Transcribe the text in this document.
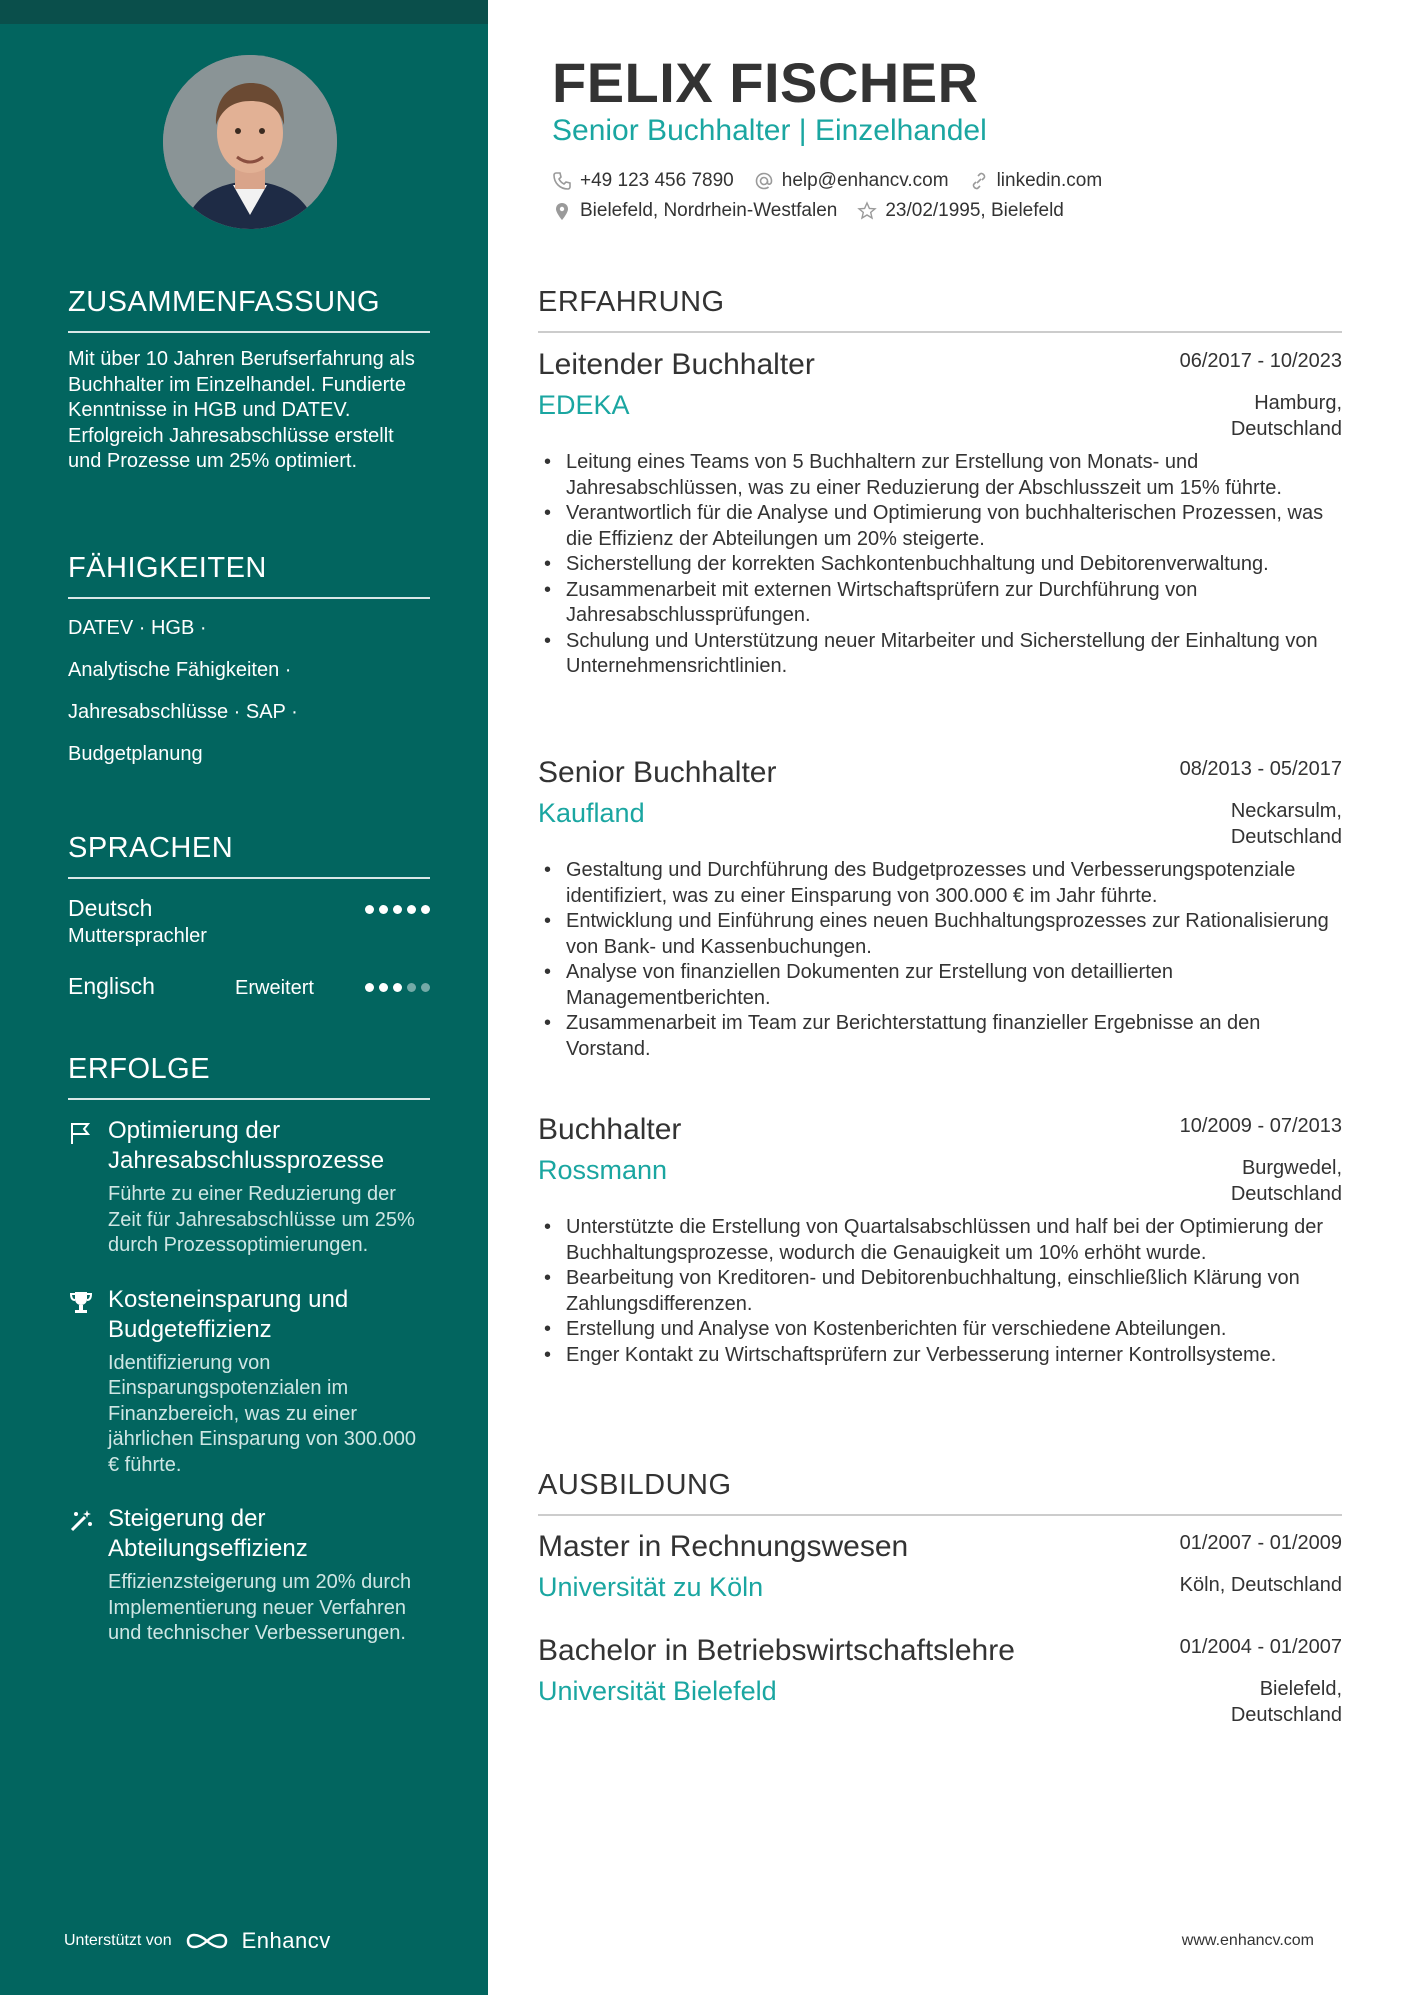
ZUSAMMENFASSUNG
Mit über 10 Jahren Berufserfahrung als Buchhalter im Einzelhandel. Fundierte Kenntnisse in HGB und DATEV. Erfolgreich Jahresabschlüsse erstellt und Prozesse um 25% optimiert.
FÄHIGKEITEN
DATEV · HGB ·
Analytische Fähigkeiten ·
Jahresabschlüsse · SAP ·
Budgetplanung
SPRACHEN
Deutsch
Muttersprachler
Englisch	Erweitert
ERFOLGE
Optimierung der Jahresabschlussprozesse
Führte zu einer Reduzierung der Zeit für Jahresabschlüsse um 25% durch Prozessoptimierungen.
Kosteneinsparung und Budgeteffizienz
Identifizierung von Einsparungspotenzialen im Finanzbereich, was zu einer jährlichen Einsparung von 300.000 € führte.
Steigerung der Abteilungseffizienz
Effizienzsteigerung um 20% durch Implementierung neuer Verfahren und technischer Verbesserungen.
Unterstützt von	Enhancv
FELIX FISCHER
Senior Buchhalter | Einzelhandel
+49 123 456 7890	help@enhancv.com	linkedin.com
Bielefeld, Nordrhein-Westfalen	23/02/1995, Bielefeld
ERFAHRUNG
Leitender Buchhalter	06/2017 - 10/2023
EDEKA	Hamburg, Deutschland
• Leitung eines Teams von 5 Buchhaltern zur Erstellung von Monats- und Jahresabschlüssen, was zu einer Reduzierung der Abschlusszeit um 15% führte.
• Verantwortlich für die Analyse und Optimierung von buchhalterischen Prozessen, was die Effizienz der Abteilungen um 20% steigerte.
• Sicherstellung der korrekten Sachkontenbuchhaltung und Debitorenverwaltung.
• Zusammenarbeit mit externen Wirtschaftsprüfern zur Durchführung von Jahresabschlussprüfungen.
• Schulung und Unterstützung neuer Mitarbeiter und Sicherstellung der Einhaltung von Unternehmensrichtlinien.
Senior Buchhalter	08/2013 - 05/2017
Kaufland	Neckarsulm, Deutschland
• Gestaltung und Durchführung des Budgetprozesses und Verbesserungspotenziale identifiziert, was zu einer Einsparung von 300.000 € im Jahr führte.
• Entwicklung und Einführung eines neuen Buchhaltungsprozesses zur Rationalisierung von Bank- und Kassenbuchungen.
• Analyse von finanziellen Dokumenten zur Erstellung von detaillierten Managementberichten.
• Zusammenarbeit im Team zur Berichterstattung finanzieller Ergebnisse an den Vorstand.
Buchhalter	10/2009 - 07/2013
Rossmann	Burgwedel, Deutschland
• Unterstützte die Erstellung von Quartalsabschlüssen und half bei der Optimierung der Buchhaltungsprozesse, wodurch die Genauigkeit um 10% erhöht wurde.
• Bearbeitung von Kreditoren- und Debitorenbuchhaltung, einschließlich Klärung von Zahlungsdifferenzen.
• Erstellung und Analyse von Kostenberichten für verschiedene Abteilungen.
• Enger Kontakt zu Wirtschaftsprüfern zur Verbesserung interner Kontrollsysteme.
AUSBILDUNG
Master in Rechnungswesen	01/2007 - 01/2009
Universität zu Köln	Köln, Deutschland
Bachelor in Betriebswirtschaftslehre	01/2004 - 01/2007
Universität Bielefeld	Bielefeld, Deutschland
www.enhancv.com
